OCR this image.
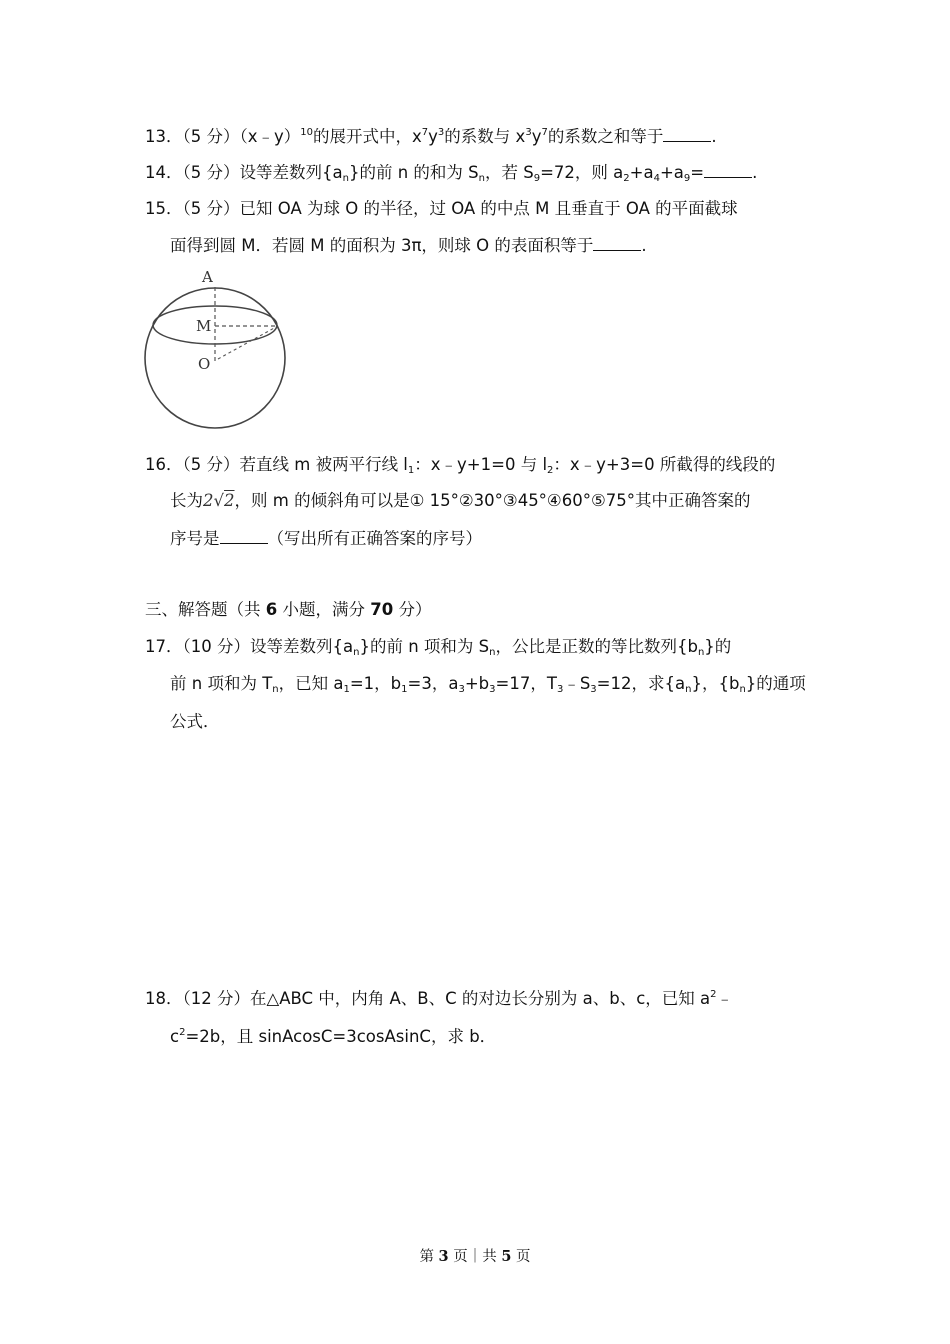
13．（5 分）（x﹣y）$^{10}$的展开式中，$x^7y^3$的系数与 $x^3y^7$的系数之和等于	.
14．（5 分）设等差数列$\{a_n\}$的前 n 的和为 $S_n$，若 $S_9=72$，则 $a_2+a_4+a_9=$	.
15．（5 分）已知 OA 为球 O 的半径，过 OA 的中点 M 且垂直于 OA 的平面截球
面得到圆 M．若圆 M 的面积为 3π，则球 O 的表面积等于	.
A
M
O
16．（5 分）若直线 m 被两平行线 $l_1$：x﹣y+1=0 与 $l_2$：x﹣y+3=0 所截得的线段的
长为2√2，则 m 的倾斜角可以是① 15°②30°③45°④60°⑤75°其中正确答案的
序号是	（写出所有正确答案的序号）
三、解答题（共 6 小题，满分 70 分）
17．（10 分）设等差数列$\{a_n\}$的前 n 项和为 $S_n$，公比是正数的等比数列$\{b_n\}$的
前 n 项和为 $T_n$，已知 $a_1=1$，$b_1=3$，$a_3+b_3=17$，$T_3﹣S_3=12$，求$\{a_n\}$，$\{b_n\}$的通项
公式．
18．（12 分）在△ABC 中，内角 A、B、C 的对边长分别为 a、b、c，已知 $a^2﹣$
$c^2=2b$，且 sinAcosC=3cosAsinC，求 b．
第 3 页｜共 5 页
